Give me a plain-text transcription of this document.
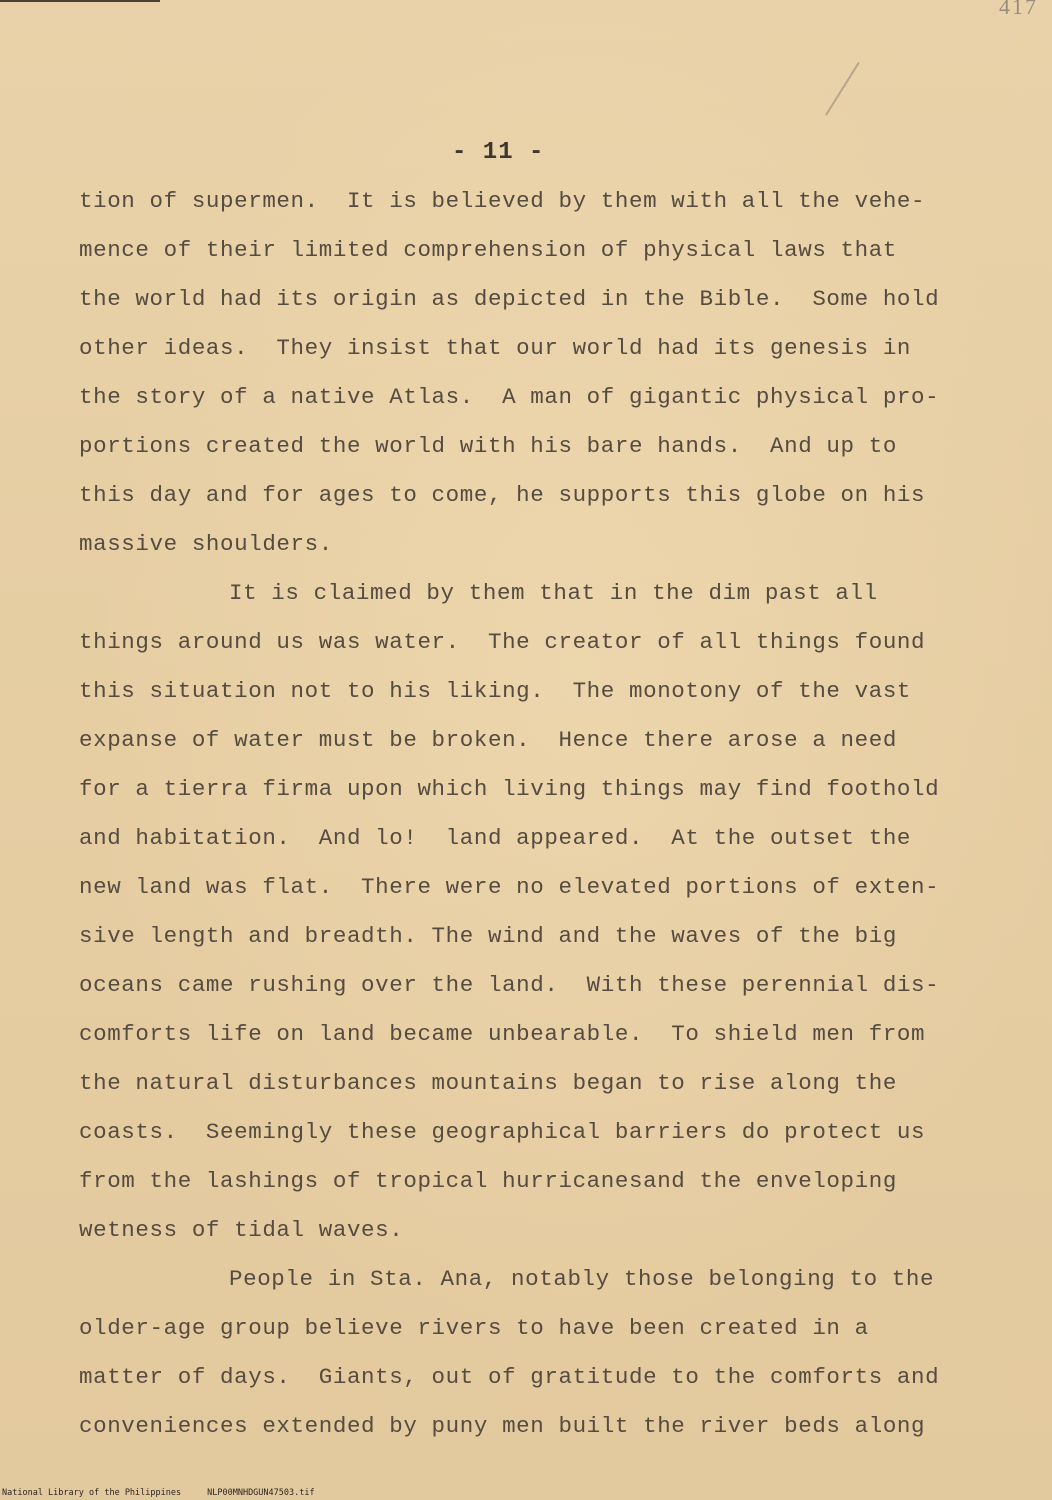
417
- 11 -
tion of supermen.  It is believed by them with all the vehe-
mence of their limited comprehension of physical laws that
the world had its origin as depicted in the Bible.  Some hold
other ideas.  They insist that our world had its genesis in
the story of a native Atlas.  A man of gigantic physical pro-
portions created the world with his bare hands.  And up to
this day and for ages to come, he supports this globe on his
massive shoulders.
It is claimed by them that in the dim past all
things around us was water.  The creator of all things found
this situation not to his liking.  The monotony of the vast
expanse of water must be broken.  Hence there arose a need
for a tierra firma upon which living things may find foothold
and habitation.  And lo!  land appeared.  At the outset the
new land was flat.  There were no elevated portions of exten-
sive length and breadth. The wind and the waves of the big
oceans came rushing over the land.  With these perennial dis-
comforts life on land became unbearable.  To shield men from
the natural disturbances mountains began to rise along the
coasts.  Seemingly these geographical barriers do protect us
from the lashings of tropical hurricanesand the enveloping
wetness of tidal waves.
People in Sta. Ana, notably those belonging to the
older-age group believe rivers to have been created in a
matter of days.  Giants, out of gratitude to the comforts and
conveniences extended by puny men built the river beds along
National Library of the Philippines	NLP00MNHDGUN47503.tif
